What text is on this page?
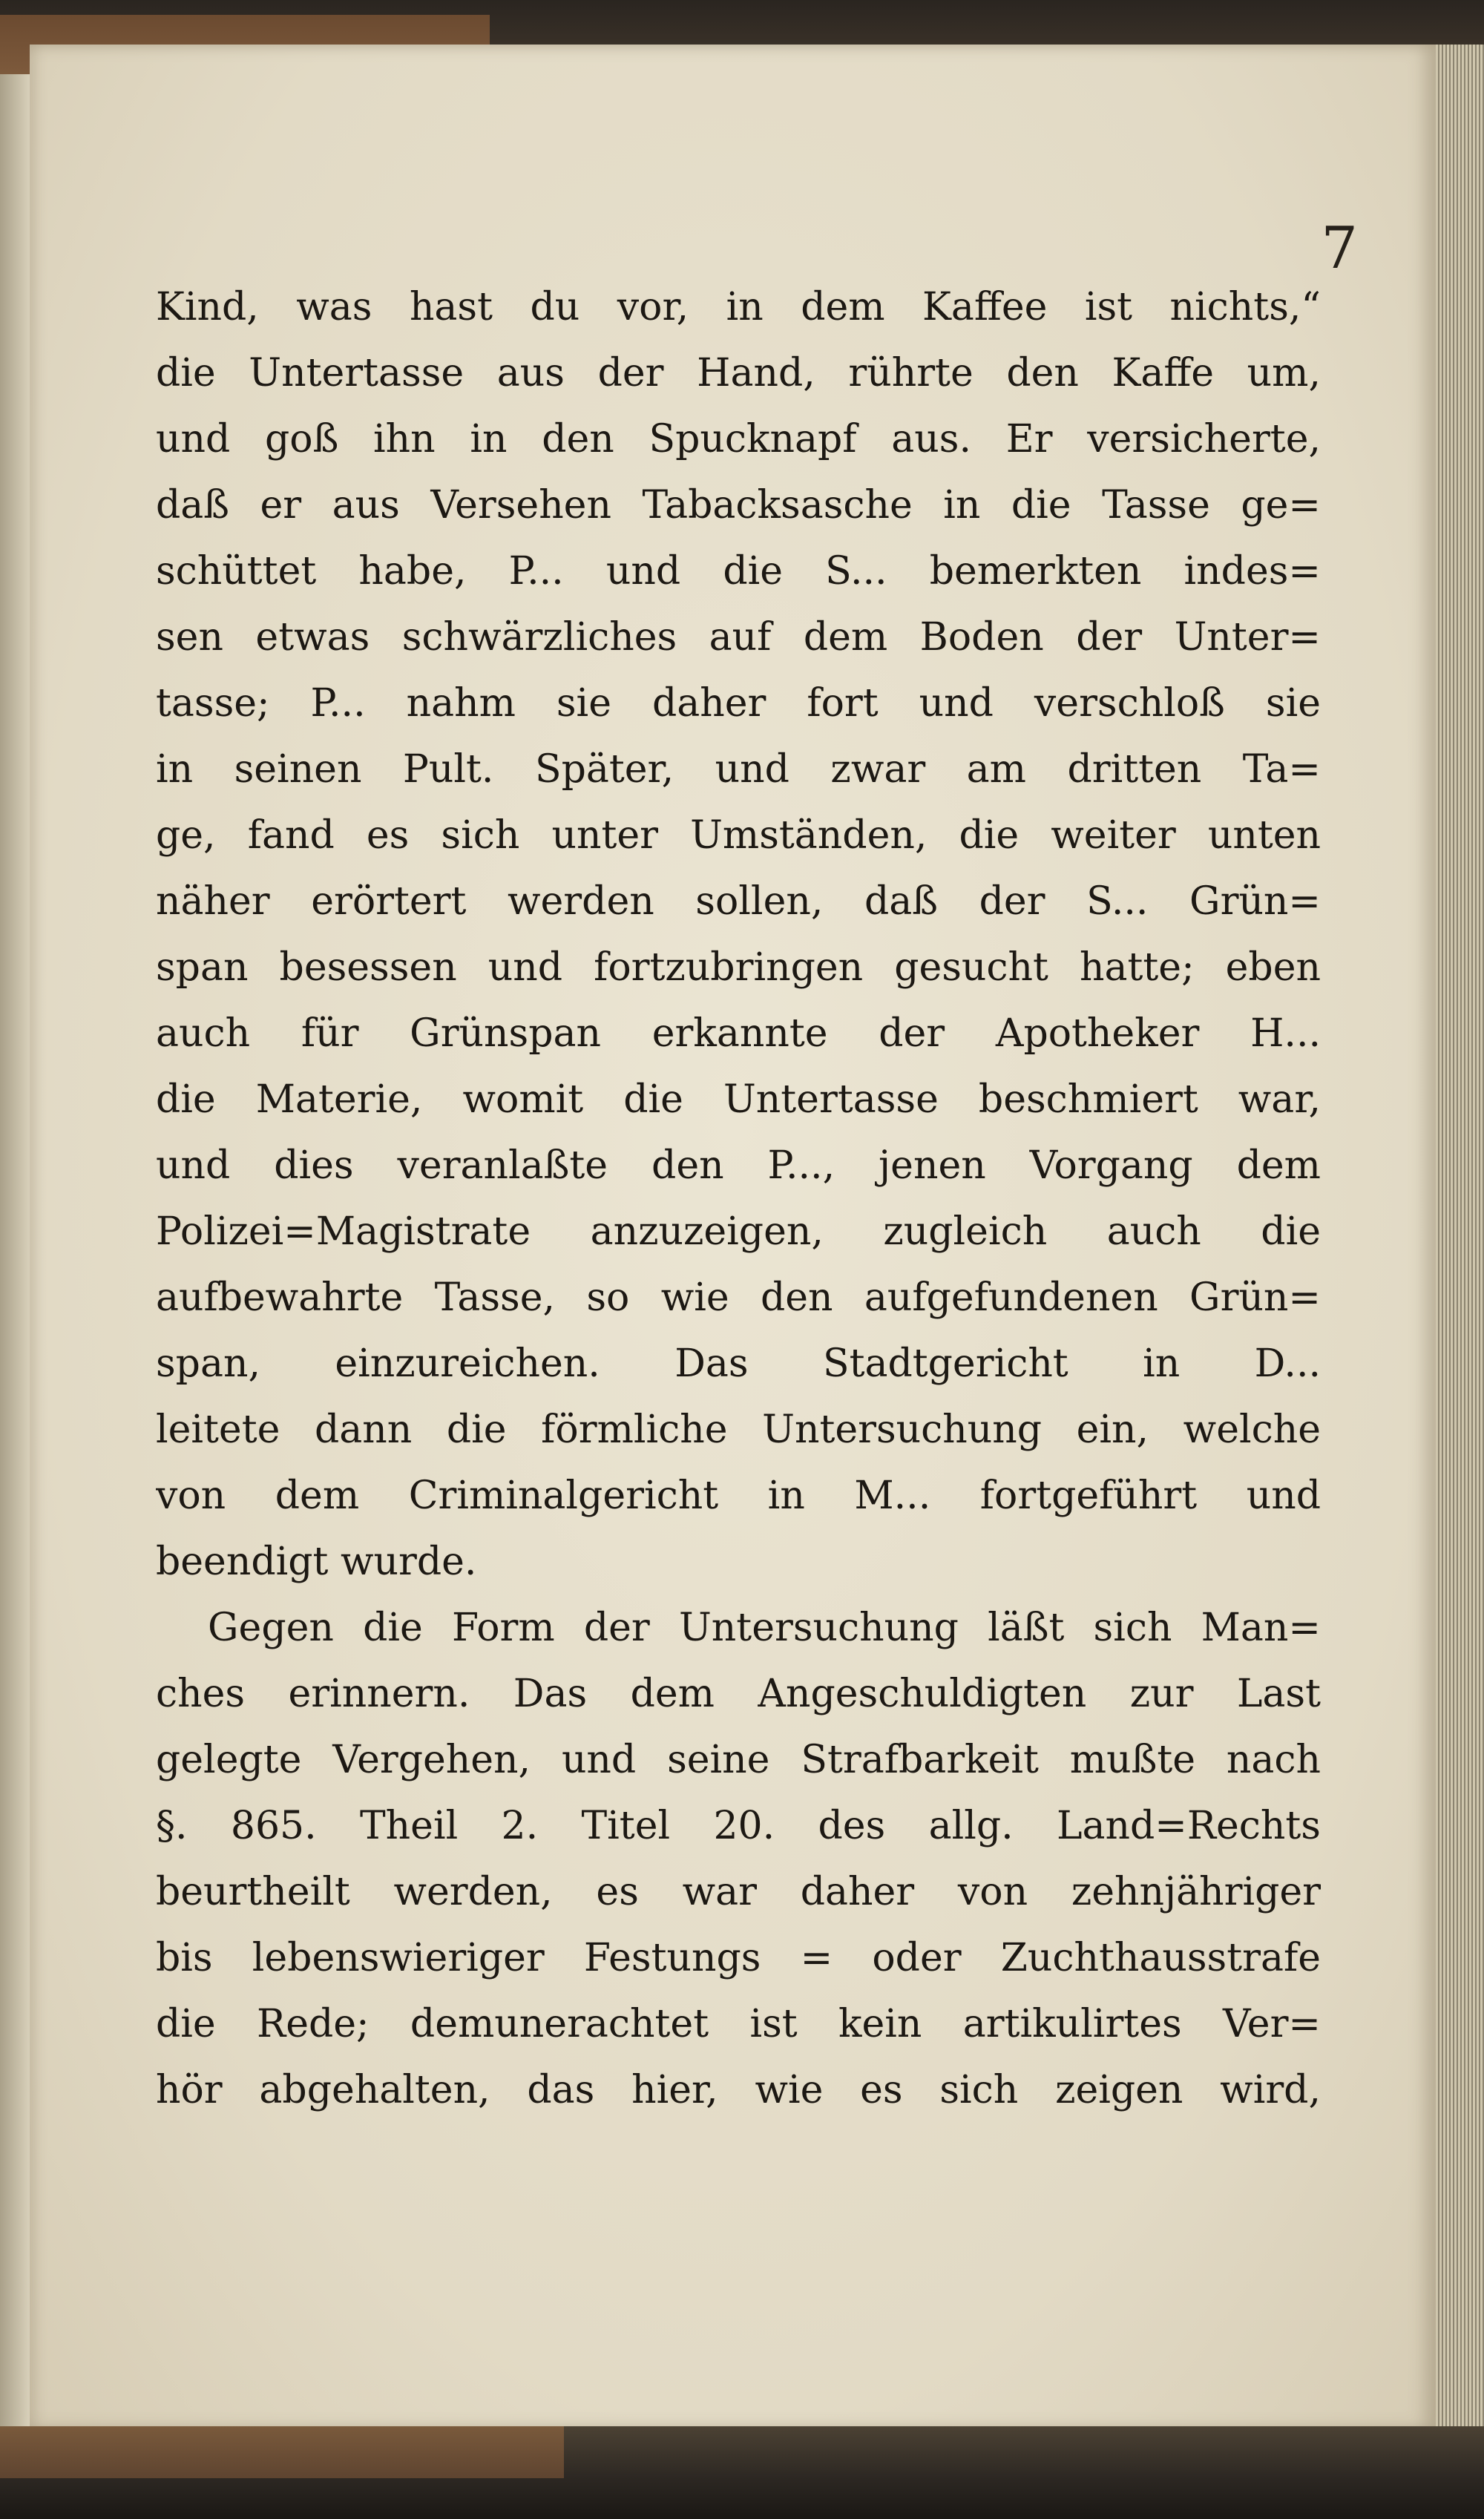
7
Kind, was hast du vor, in dem Kaffee ist nichts,“
die Untertasse aus der Hand, rührte den Kaffe um,
und goß ihn in den Spucknapf aus. Er versicherte,
daß er aus Versehen Tabacksasche in die Tasse ge=
schüttet habe, P... und die S... bemerkten indes=
sen etwas schwärzliches auf dem Boden der Unter=
tasse; P... nahm sie daher fort und verschloß sie
in seinen Pult. Später, und zwar am dritten Ta=
ge, fand es sich unter Umständen, die weiter unten
näher erörtert werden sollen, daß der S... Grün=
span besessen und fortzubringen gesucht hatte; eben
auch für Grünspan erkannte der Apotheker H...
die Materie, womit die Untertasse beschmiert war,
und dies veranlaßte den P..., jenen Vorgang dem
Polizei=Magistrate anzuzeigen, zugleich auch die
aufbewahrte Tasse, so wie den aufgefundenen Grün=
span, einzureichen. Das Stadtgericht in D...
leitete dann die förmliche Untersuchung ein, welche
von dem Criminalgericht in M... fortgeführt und
beendigt wurde.
Gegen die Form der Untersuchung läßt sich Man=
ches erinnern. Das dem Angeschuldigten zur Last
gelegte Vergehen, und seine Strafbarkeit mußte nach
§. 865. Theil 2. Titel 20. des allg. Land=Rechts
beurtheilt werden, es war daher von zehnjähriger
bis lebenswieriger Festungs = oder Zuchthausstrafe
die Rede; demunerachtet ist kein artikulirtes Ver=
hör abgehalten, das hier, wie es sich zeigen wird,
